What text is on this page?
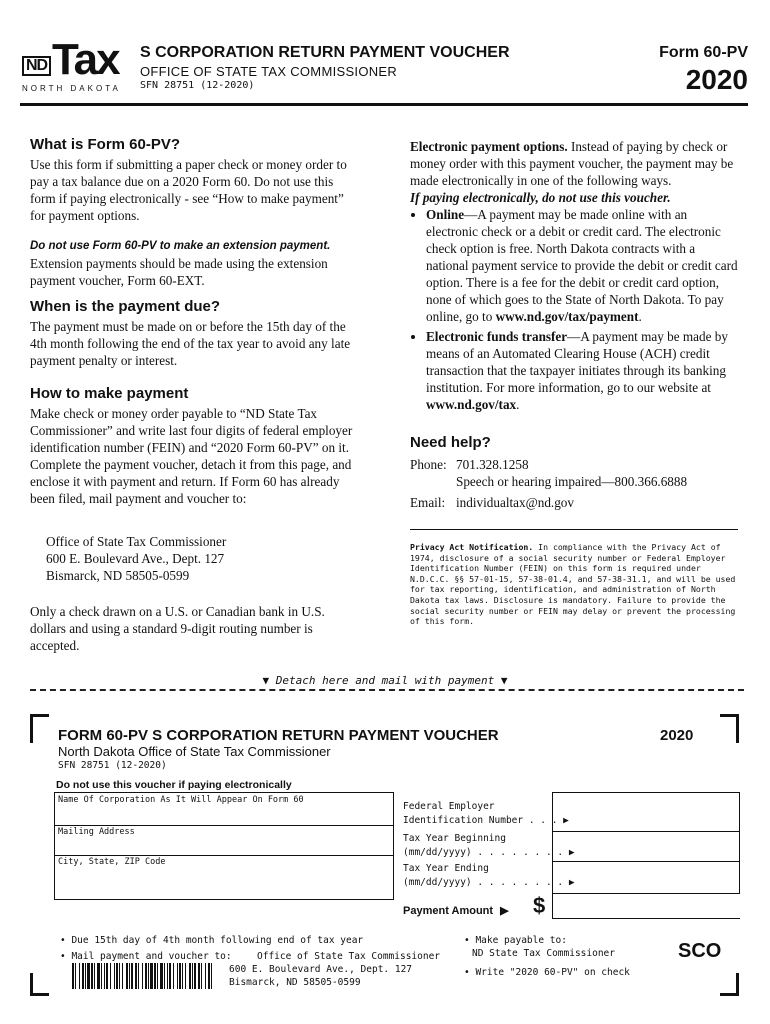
Tax
ND
NORTH DAKOTA
S CORPORATION RETURN PAYMENT VOUCHER
OFFICE OF STATE TAX COMMISSIONER
SFN 28751 (12-2020)
Form 60-PV
2020
What is Form 60-PV?
Use this form if submitting a paper check or money order to pay a tax balance due on a 2020 Form 60. Do not use this form if paying electronically - see “How to make payment” for payment options.
Do not use Form 60-PV to make an extension payment. Extension payments should be made using the extension payment voucher, Form 60-EXT.
When is the payment due?
The payment must be made on or before the 15th day of the 4th month following the end of the tax year to avoid any late payment penalty or interest.
How to make payment
Make check or money order payable to “ND State Tax Commissioner” and write last four digits of federal employer identification number (FEIN) and “2020 Form 60-PV” on it. Complete the payment voucher, detach it from this page, and enclose it with payment and return. If Form 60 has already been filed, mail payment and voucher to:
Office of State Tax Commissioner
600 E. Boulevard Ave., Dept. 127
Bismarck, ND 58505-0599
Only a check drawn on a U.S. or Canadian bank in U.S. dollars and using a standard 9-digit routing number is accepted.
Electronic payment options. Instead of paying by check or money order with this payment voucher, the payment may be made electronically in one of the following ways.
If paying electronically, do not use this voucher.
• Online—A payment may be made online with an electronic check or a debit or credit card. The electronic check option is free. North Dakota contracts with a national payment service to provide the debit or credit card option. There is a fee for the debit or credit card option, none of which goes to the State of North Dakota. To pay online, go to www.nd.gov/tax/payment.
• Electronic funds transfer—A payment may be made by means of an Automated Clearing House (ACH) credit transaction that the taxpayer initiates through its banking institution. For more information, go to our website at www.nd.gov/tax.
Need help?
Phone: 701.328.1258
Speech or hearing impaired—800.366.6888
Email: individualtax@nd.gov
Privacy Act Notification. In compliance with the Privacy Act of 1974, disclosure of a social security number or Federal Employer Identification Number (FEIN) on this form is required under N.D.C.C. §§ 57-01-15, 57-38-01.4, and 57-38-31.1, and will be used for tax reporting, identification, and administration of North Dakota tax laws. Disclosure is mandatory. Failure to provide the social security number or FEIN may delay or prevent the processing of this form.
▼ Detach here and mail with payment ▼
FORM 60-PV S CORPORATION RETURN PAYMENT VOUCHER	2020
North Dakota Office of State Tax Commissioner
SFN 28751 (12-2020)
Do not use this voucher if paying electronically
Name Of Corporation As It Will Appear On Form 60
Mailing Address
City, State, ZIP Code
Federal Employer
Identification Number . . . ▶
Tax Year Beginning
(mm/dd/yyyy) . . . . . . . . ▶
Tax Year Ending
(mm/dd/yyyy) . . . . . . . . ▶
Payment Amount ▶ $
• Due 15th day of 4th month following end of tax year
• Mail payment and voucher to:	Office of State Tax Commissioner
600 E. Boulevard Ave., Dept. 127
Bismarck, ND 58505-0599
• Make payable to:
ND State Tax Commissioner
• Write "2020 60-PV" on check
SCO
